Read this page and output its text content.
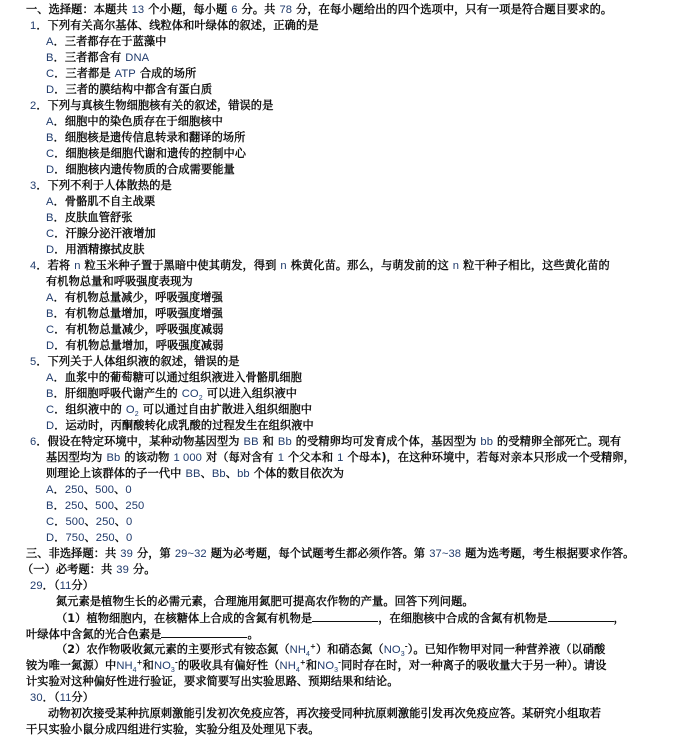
一、选择题：本题共 13 个小题，每小题 6 分。共 78 分，在每小题给出的四个选项中，只有一项是符合题目要求的。
1．下列有关高尔基体、线粒体和叶绿体的叙述，正确的是
A．三者都存在于蓝藻中
B．三者都含有 DNA
C．三者都是 ATP 合成的场所
D．三者的膜结构中都含有蛋白质
2．下列与真核生物细胞核有关的叙述，错误的是
A．细胞中的染色质存在于细胞核中
B．细胞核是遗传信息转录和翻译的场所
C．细胞核是细胞代谢和遗传的控制中心
D．细胞核内遗传物质的合成需要能量
3．下列不利于人体散热的是
A．骨骼肌不自主战栗
B．皮肤血管舒张
C．汗腺分泌汗液增加
D．用酒精擦拭皮肤
4．若将 n 粒玉米种子置于黑暗中使其萌发，得到 n 株黄化苗。那么，与萌发前的这 n 粒干种子相比，这些黄化苗的
有机物总量和呼吸强度表现为
A．有机物总量减少，呼吸强度增强
B．有机物总量增加，呼吸强度增强
C．有机物总量减少，呼吸强度减弱
D．有机物总量增加，呼吸强度减弱
5．下列关于人体组织液的叙述，错误的是
A．血浆中的葡萄糖可以通过组织液进入骨骼肌细胞
B．肝细胞呼吸代谢产生的 $CO_2$ 可以进入组织液中
C．组织液中的 $O_2$ 可以通过自由扩散进入组织细胞中
D．运动时，丙酮酸转化成乳酸的过程发生在组织液中
6．假设在特定环境中，某种动物基因型为 BB 和 Bb 的受精卵均可发育成个体，基因型为 bb 的受精卵全部死亡。现有
基因型均为 Bb 的该动物 1 000 对（每对含有 1 个父本和 1 个母本)，在这种环境中，若每对亲本只形成一个受精卵，
则理论上该群体的子一代中 BB、Bb、bb 个体的数目依次为
A．250、500、0
B．250、500、250
C．500、250、0
D．750、250、0
三、非选择题：共 39 分，第 29~32 题为必考题，每个试题考生都必须作答。第 37~38 题为选考题，考生根据要求作答。
（一）必考题：共 39 分。
29．（11分）
氮元素是植物生长的必需元素，合理施用氮肥可提高农作物的产量。回答下列问题。
（1）植物细胞内，在核糖体上合成的含氮有机物是	，在细胞核中合成的含氮有机物是	，
叶绿体中含氮的光合色素是	。
（2）农作物吸收氮元素的主要形式有铵态氮$(NH_4^+)$和硝态氮$(NO_3^-)$。已知作物甲对同一种营养液（以硝酸
铵为唯一氮源）中$NH_4^+$和$NO_3^-$的吸收具有偏好性（$NH_4^+$和$NO_3^-$同时存在时，对一种离子的吸收量大于另一种）。请设
计实验对这种偏好性进行验证，要求简要写出实验思路、预期结果和结论。
30．（11分）
动物初次接受某种抗原刺激能引发初次免疫应答，再次接受同种抗原刺激能引发再次免疫应答。某研究小组取若
干只实验小鼠分成四组进行实验，实验分组及处理见下表。
